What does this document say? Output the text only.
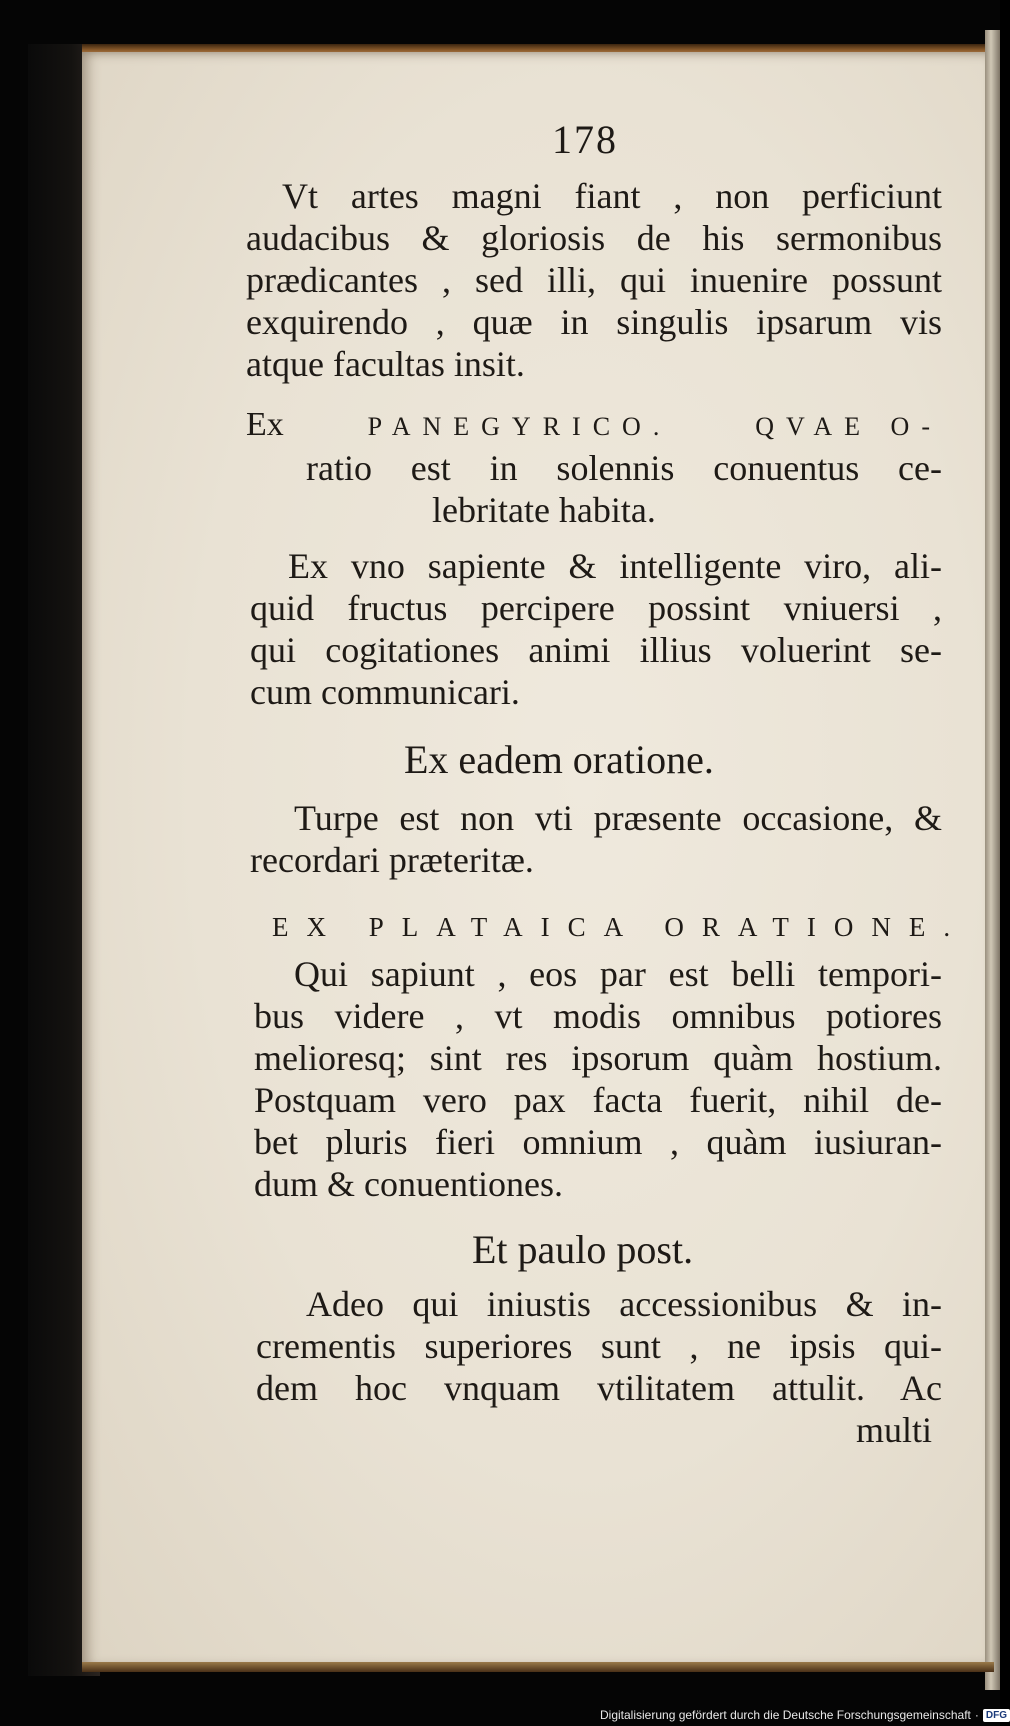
178
Vt artes magni fiant , non perficiunt
audacibus & gloriosis de his sermonibus
prædicantes , sed illi, qui inuenire possunt
exquirendo , quæ in singulis ipsarum vis
atque facultas insit.
Ex	PANEGYRICO.	QVAE O-
ratio est in solennis conuentus ce-
lebritate habita.
Ex vno sapiente & intelligente viro, ali-
quid fructus percipere possint vniuersi ,
qui cogitationes animi illius voluerint se-
cum communicari.
Ex eadem oratione.
Turpe est non vti præsente occasione, &
recordari præteritæ.
EX PLATAICA ORATIONE.
Qui sapiunt , eos par est belli tempori-
bus videre , vt modis omnibus potiores
melioresq; sint res ipsorum quàm hostium.
Postquam vero pax facta fuerit, nihil de-
bet pluris fieri omnium , quàm iusiuran-
dum & conuentiones.
Et paulo post.
Adeo qui iniustis accessionibus & in-
crementis superiores sunt , ne ipsis qui-
dem hoc vnquam vtilitatem attulit. Ac
multi
Digitalisierung gefördert durch die Deutsche Forschungsgemeinschaft · DFG
